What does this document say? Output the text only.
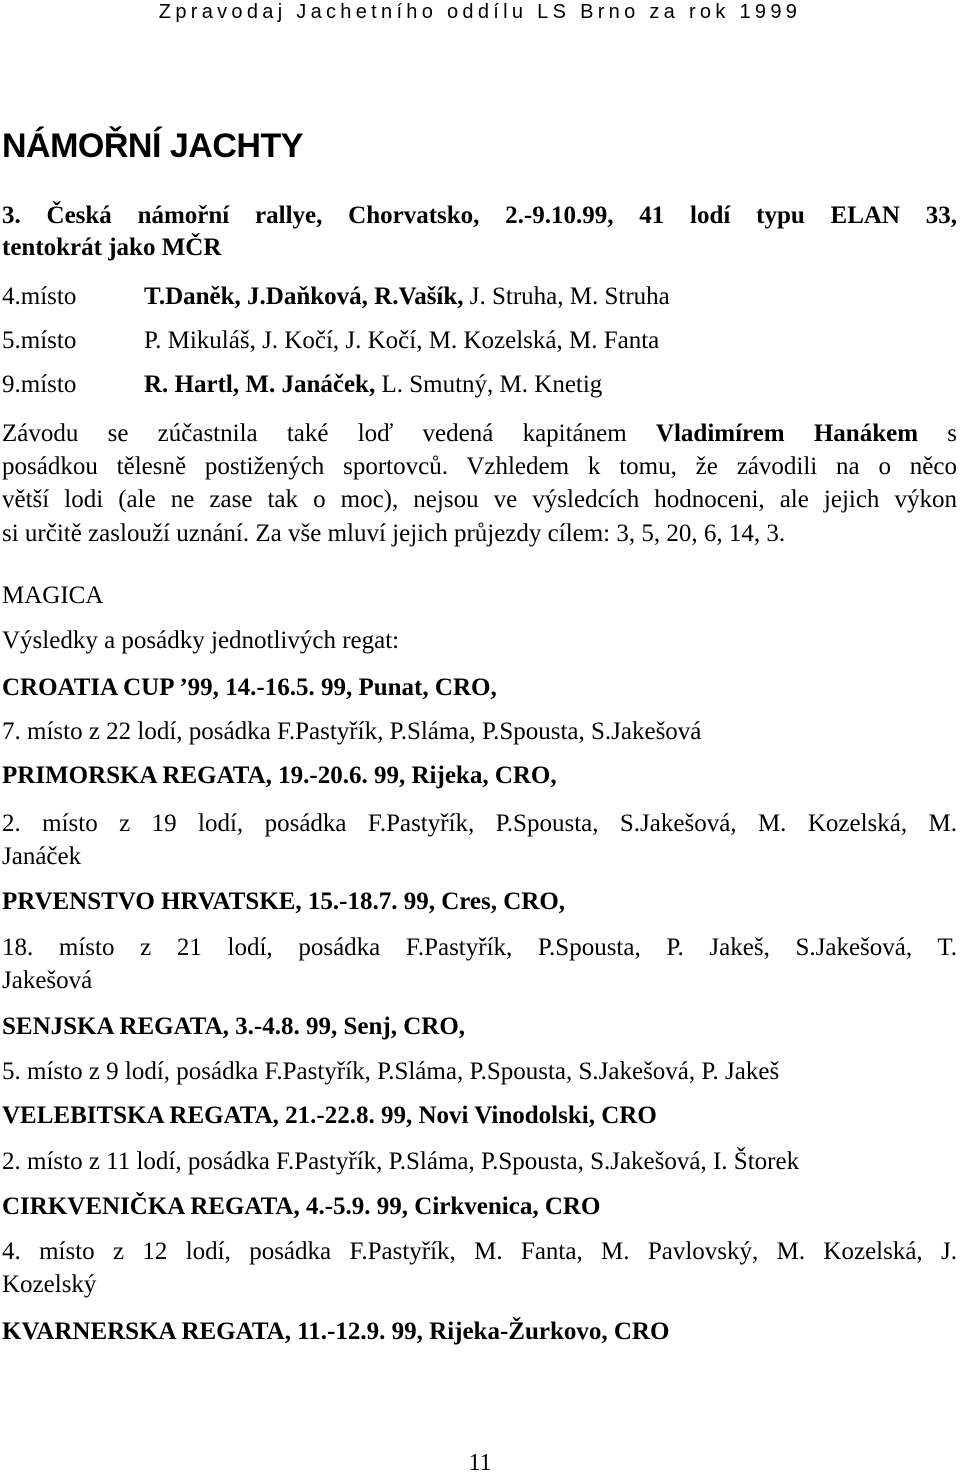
Zpravodaj Jachetního oddílu LS Brno za rok 1999
NÁMOŘNÍ JACHTY
3. Česká námořní rallye, Chorvatsko, 2.-9.10.99, 41 lodí typu ELAN 33,
tentokrát jako MČR
4.místo	T.Daněk, J.Daňková, R.Vašík, J. Struha, M. Struha
5.místo	P. Mikuláš, J. Kočí, J. Kočí, M. Kozelská, M. Fanta
9.místo	R. Hartl, M. Janáček, L. Smutný, M. Knetig
Závodu se zúčastnila také loď vedená kapitánem Vladimírem Hanákem s
posádkou tělesně postižených sportovců. Vzhledem k tomu, že závodili na o něco
větší lodi (ale ne zase tak o moc), nejsou ve výsledcích hodnoceni, ale jejich výkon
si určitě zaslouží uznání. Za vše mluví jejich průjezdy cílem: 3, 5, 20, 6, 14, 3.
MAGICA
Výsledky a posádky jednotlivých regat:
CROATIA CUP ’99, 14.-16.5. 99, Punat, CRO,
7. místo z 22 lodí, posádka F.Pastyřík, P.Sláma, P.Spousta, S.Jakešová
PRIMORSKA REGATA, 19.-20.6. 99, Rijeka, CRO,
2. místo z 19 lodí, posádka F.Pastyřík, P.Spousta, S.Jakešová, M. Kozelská, M.
Janáček
PRVENSTVO HRVATSKE, 15.-18.7. 99, Cres, CRO,
18. místo z 21 lodí, posádka F.Pastyřík, P.Spousta, P. Jakeš, S.Jakešová, T.
Jakešová
SENJSKA REGATA, 3.-4.8. 99, Senj, CRO,
5. místo z 9 lodí, posádka F.Pastyřík, P.Sláma, P.Spousta, S.Jakešová, P. Jakeš
VELEBITSKA REGATA, 21.-22.8. 99, Novi Vinodolski, CRO
2. místo z 11 lodí, posádka F.Pastyřík, P.Sláma, P.Spousta, S.Jakešová, I. Štorek
CIRKVENIČKA REGATA, 4.-5.9. 99, Cirkvenica, CRO
4. místo z 12 lodí, posádka F.Pastyřík, M. Fanta, M. Pavlovský, M. Kozelská, J.
Kozelský
KVARNERSKA REGATA, 11.-12.9. 99, Rijeka-Žurkovo, CRO
11
